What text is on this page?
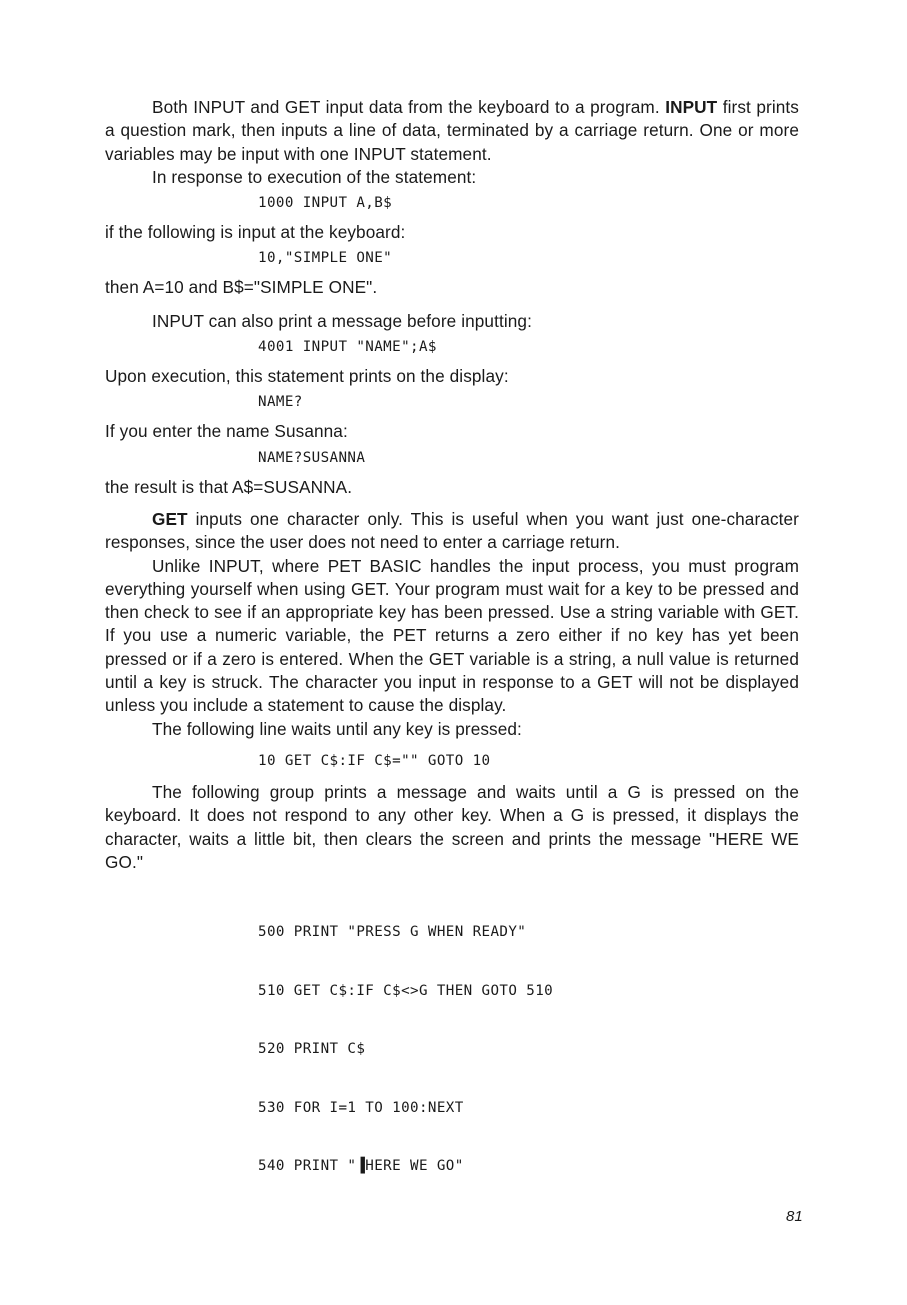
Both INPUT and GET input data from the keyboard to a program. INPUT first prints a question mark, then inputs a line of data, terminated by a carriage return. One or more variables may be input with one INPUT statement.

In response to execution of the statement:

1000 INPUT A,B$

if the following is input at the keyboard:

10,"SIMPLE ONE"

then A=10 and B$="SIMPLE ONE".

INPUT can also print a message before inputting:

4001 INPUT "NAME";A$

Upon execution, this statement prints on the display:

NAME?

If you enter the name Susanna:

NAME?SUSANNA

the result is that A$=SUSANNA.

GET inputs one character only. This is useful when you want just one-character responses, since the user does not need to enter a carriage return.

Unlike INPUT, where PET BASIC handles the input process, you must program everything yourself when using GET. Your program must wait for a key to be pressed and then check to see if an appropriate key has been pressed. Use a string variable with GET. If you use a numeric variable, the PET returns a zero either if no key has yet been pressed or if a zero is entered. When the GET variable is a string, a null value is returned until a key is struck. The character you input in response to a GET will not be displayed unless you include a statement to cause the display.

The following line waits until any key is pressed:

10 GET C$:IF C$="" GOTO 10

The following group prints a message and waits until a G is pressed on the keyboard. It does not respond to any other key. When a G is pressed, it displays the character, waits a little bit, then clears the screen and prints the message "HERE WE GO."

500 PRINT "PRESS G WHEN READY"

510 GET C$:IF C$<>G THEN GOTO 510

520 PRINT C$

530 FOR I=1 TO 100:NEXT

540 PRINT "▐HERE WE GO"

81
